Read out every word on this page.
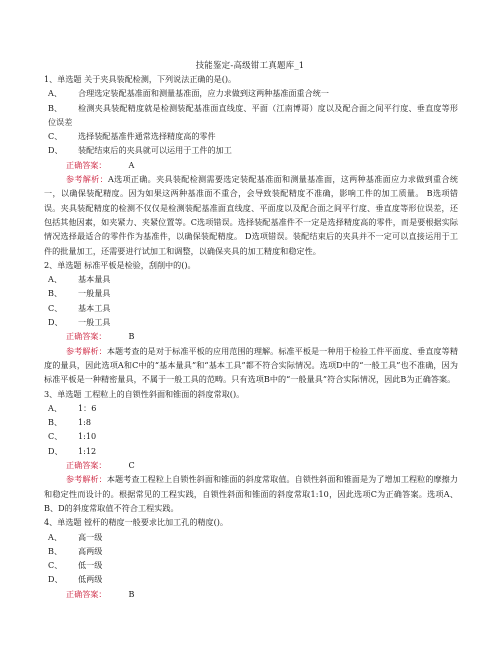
技能鉴定-高级钳工真题库_1
1、单选题 关于夹具装配检测，下列说法正确的是()。
A、 合理选定装配基准面和测量基准面，应力求做到这两种基准面重合统一
B、 检测夹具装配精度就是检测装配基准面直线度、平面（江南博哥）度以及配合面之间平行度、垂直度等形位误差
C、 选择装配基准件通常选择精度高的零件
D、 装配结束后的夹具就可以运用于工件的加工
正确答案：	A
参考解析：A选项正确。夹具装配检测需要选定装配基准面和测量基准面，这两种基准面应力求做到重合统一，以确保装配精度。因为如果这两种基准面不重合，会导致装配精度不准确，影响工件的加工质量。 B选项错误。夹具装配精度的检测不仅仅是检测装配基准面直线度、平面度以及配合面之间平行度、垂直度等形位误差，还包括其他因素，如夹紧力、夹紧位置等。C选项错误。选择装配基准件不一定是选择精度高的零件，而是要根据实际情况选择最适合的零件作为基准件，以确保装配精度。 D选项错误。装配结束后的夹具并不一定可以直接运用于工件的批量加工，还需要进行试加工和调整，以确保夹具的加工精度和稳定性。
2、单选题 标准平板是检验，刮削中的()。
A、 基本量具
B、 一般量具
C、 基本工具
D、 一般工具
正确答案：	B
参考解析：本题考查的是对于标准平板的应用范围的理解。标准平板是一种用于检验工件平面度、垂直度等精度的量具，因此选项A和C中的“基本量具”和“基本工具”都不符合实际情况。选项D中的“一般工具”也不准确，因为标准平板是一种精密量具，不属于一般工具的范畴。只有选项B中的“一般量具”符合实际情况，因此B为正确答案。
3、单选题 工程粒上的自锁性斜面和锥面的斜度常取()。
A、 1：6
B、 1:8
C、 1:10
D、 1:12
正确答案：	C
参考解析：本题考查工程粒上自锁性斜面和锥面的斜度常取值。自锁性斜面和锥面是为了增加工程粒的摩擦力和稳定性而设计的。根据常见的工程实践，自锁性斜面和锥面的斜度常取1:10，因此选项C为正确答案。选项A、B、D的斜度常取值不符合工程实践。
4、单选题 镗杆的精度一般要求比加工孔的精度()。
A、 高一级
B、 高两级
C、 低一级
D、 低两级
正确答案：	B
